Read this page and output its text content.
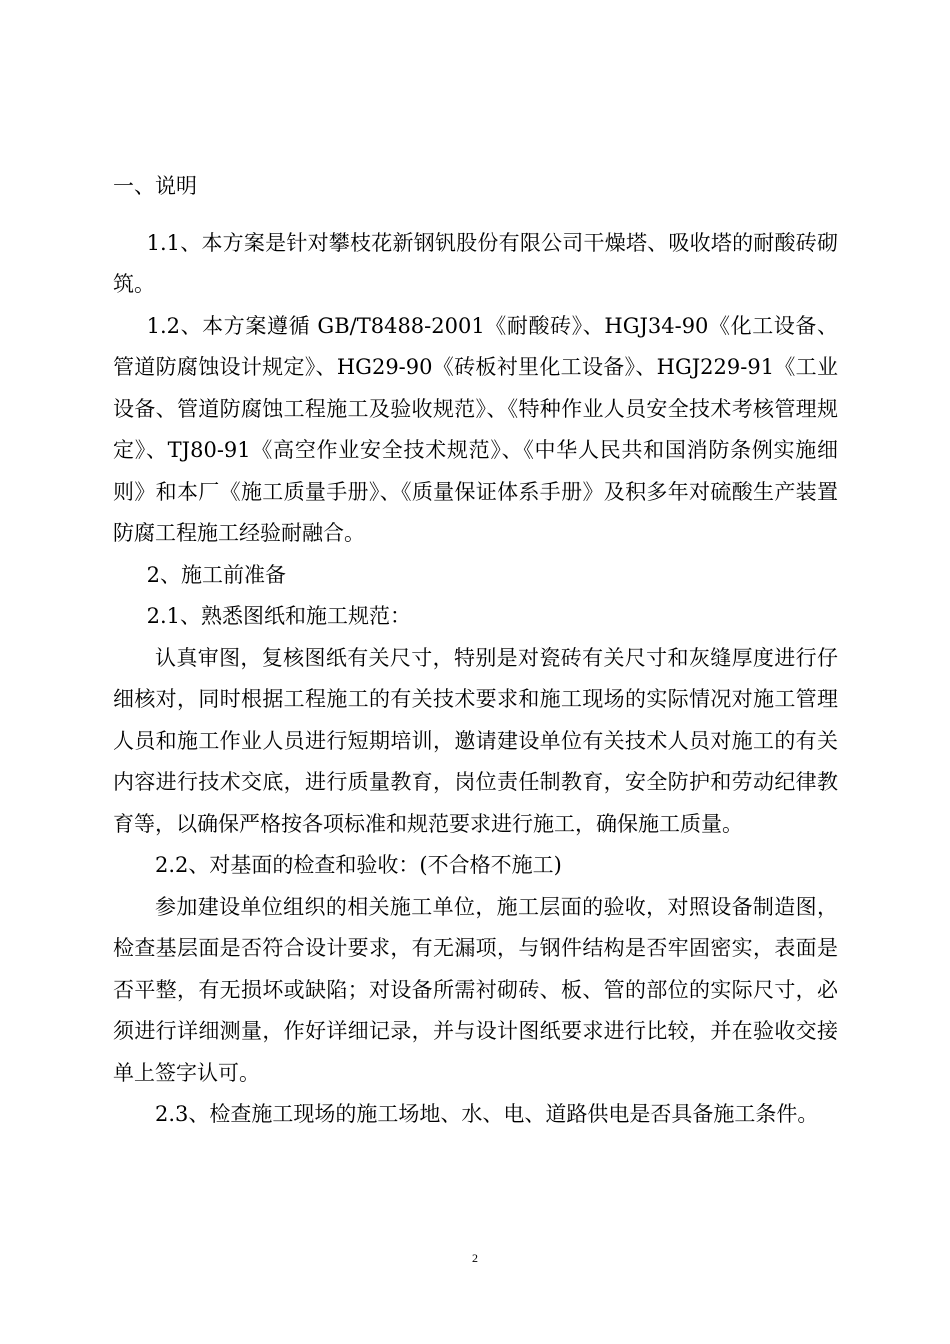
一、说明

1.1、本方案是针对攀枝花新钢钒股份有限公司干燥塔、吸收塔的耐酸砖砌筑。

1.2、本方案遵循 GB/T8488-2001《耐酸砖》、HGJ34-90《化工设备、管道防腐蚀设计规定》、HG29-90《砖板衬里化工设备》、HGJ229-91《工业设备、管道防腐蚀工程施工及验收规范》、《特种作业人员安全技术考核管理规定》、TJ80-91《高空作业安全技术规范》、《中华人民共和国消防条例实施细则》和本厂《施工质量手册》、《质量保证体系手册》及积多年对硫酸生产装置防腐工程施工经验耐融合。

2、施工前准备

2.1、熟悉图纸和施工规范：

认真审图，复核图纸有关尺寸，特别是对瓷砖有关尺寸和灰缝厚度进行仔细核对，同时根据工程施工的有关技术要求和施工现场的实际情况对施工管理人员和施工作业人员进行短期培训，邀请建设单位有关技术人员对施工的有关内容进行技术交底，进行质量教育，岗位责任制教育，安全防护和劳动纪律教育等，以确保严格按各项标准和规范要求进行施工，确保施工质量。

2.2、对基面的检查和验收：(不合格不施工)

参加建设单位组织的相关施工单位，施工层面的验收，对照设备制造图，检查基层面是否符合设计要求，有无漏项，与钢件结构是否牢固密实，表面是否平整，有无损坏或缺陷；对设备所需衬砌砖、板、管的部位的实际尺寸，必须进行详细测量，作好详细记录，并与设计图纸要求进行比较，并在验收交接单上签字认可。

2.3、检查施工现场的施工场地、水、电、道路供电是否具备施工条件。

2
